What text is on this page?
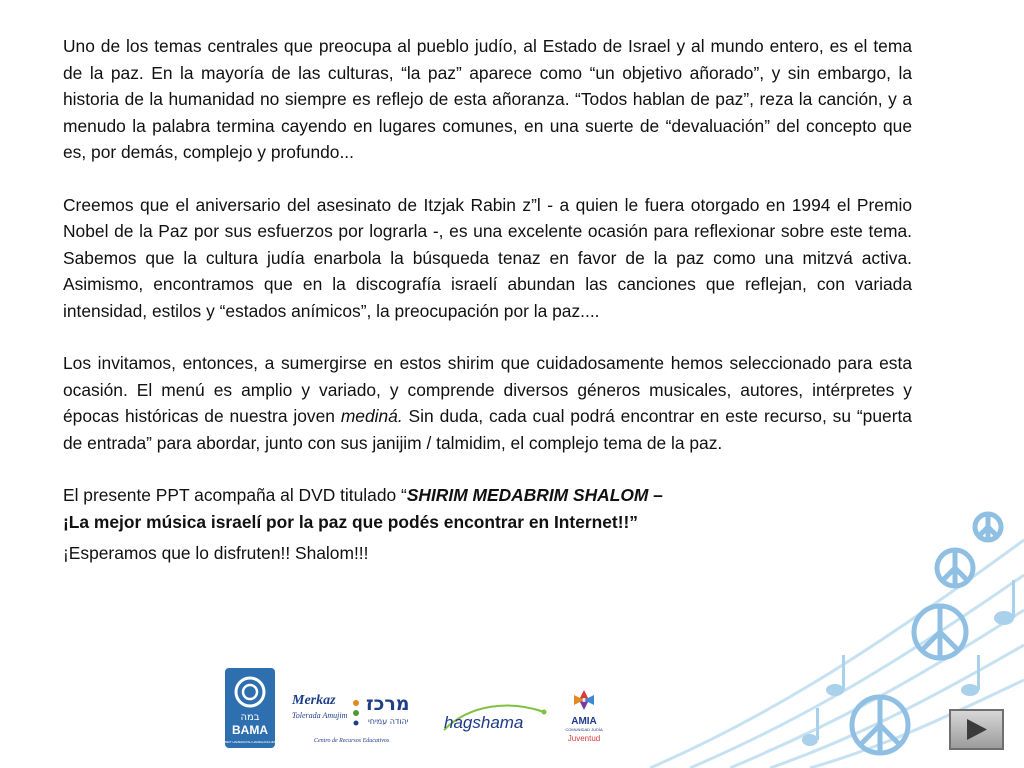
Uno de los temas centrales que preocupa al pueblo judío, al Estado de Israel y al mundo entero, es el tema de la paz. En la mayoría de las culturas, “la paz” aparece como “un objetivo añorado”, y sin embargo, la historia de la humanidad no siempre es reflejo de esta añoranza. “Todos hablan de paz”, reza la canción, y a menudo la palabra termina cayendo en lugares comunes, en una suerte de “devaluación” del concepto que es, por demás, complejo y profundo...

Creemos que el aniversario del asesinato de Itzjak Rabin z”l - a quien le fuera otorgado en 1994 el Premio Nobel de la Paz por sus esfuerzos por lograrla -, es una excelente ocasión para reflexionar sobre este tema. Sabemos que la cultura judía enarbola la búsqueda tenaz en favor de la paz como una mitzvá activa. Asimismo, encontramos que en la discografía israelí abundan las canciones que reflejan, con variada intensidad, estilos y “estados anímicos”, la preocupación por la paz....

Los invitamos, entonces, a sumergirse en estos shirim que cuidadosamente hemos seleccionado para esta ocasión. El menú es amplio y variado, y comprende diversos géneros musicales, autores, intérpretes y épocas históricas de nuestra joven mediná. Sin duda, cada cual podrá encontrar en este recurso, su “puerta de entrada” para abordar, junto con sus janijim / talmidim, el complejo tema de la paz.

El presente PPT acompaña al DVD titulado “SHIRIM MEDABRIM SHALOM –
¡La mejor música israelí por la paz que podés encontrar en Internet!!”

¡Esperamos que lo disfruten!! Shalom!!!

במה
BAMA
BEIT HAMEDRASH HAMEHANCHIM
Merkaz
Tolerada Amujim
מרכז
יהודה עמיחי
Centro de Recursos Educativos
hagshama	AMIA
COMUNIDAD JUDÍA
Juventud
